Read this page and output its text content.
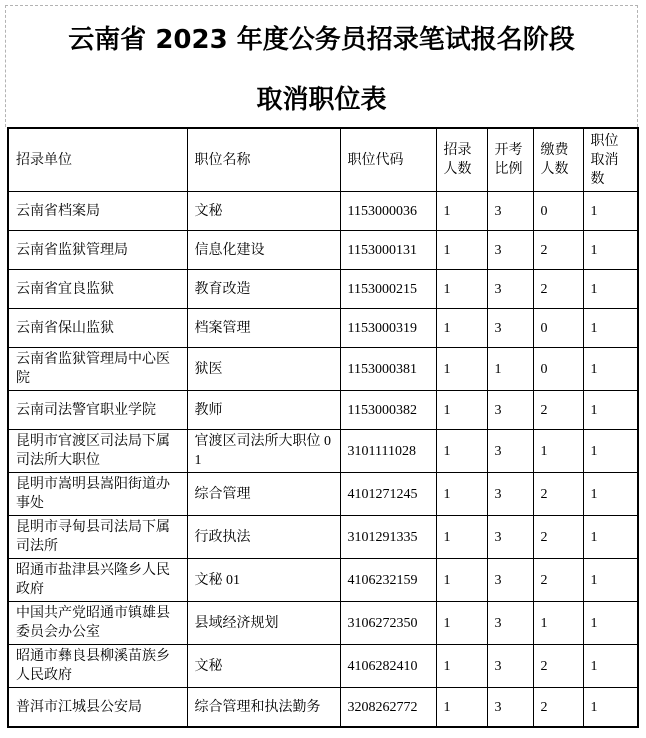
云南省 2023 年度公务员招录笔试报名阶段
取消职位表
招录单位	职位名称	职位代码	招录人数	开考比例	缴费人数	职位取消数
云南省档案局	文秘	1153000036	1	3	0	1
云南省监狱管理局	信息化建设	1153000131	1	3	2	1
云南省宜良监狱	教育改造	1153000215	1	3	2	1
云南省保山监狱	档案管理	1153000319	1	3	0	1
云南省监狱管理局中心医院	狱医	1153000381	1	1	0	1
云南司法警官职业学院	教师	1153000382	1	3	2	1
昆明市官渡区司法局下属司法所大职位	官渡区司法所大职位 01	3101111028	1	3	1	1
昆明市嵩明县嵩阳街道办事处	综合管理	4101271245	1	3	2	1
昆明市寻甸县司法局下属司法所	行政执法	3101291335	1	3	2	1
昭通市盐津县兴隆乡人民政府	文秘 01	4106232159	1	3	2	1
中国共产党昭通市镇雄县委员会办公室	县域经济规划	3106272350	1	3	1	1
昭通市彝良县柳溪苗族乡人民政府	文秘	4106282410	1	3	2	1
普洱市江城县公安局	综合管理和执法勤务	3208262772	1	3	2	1
